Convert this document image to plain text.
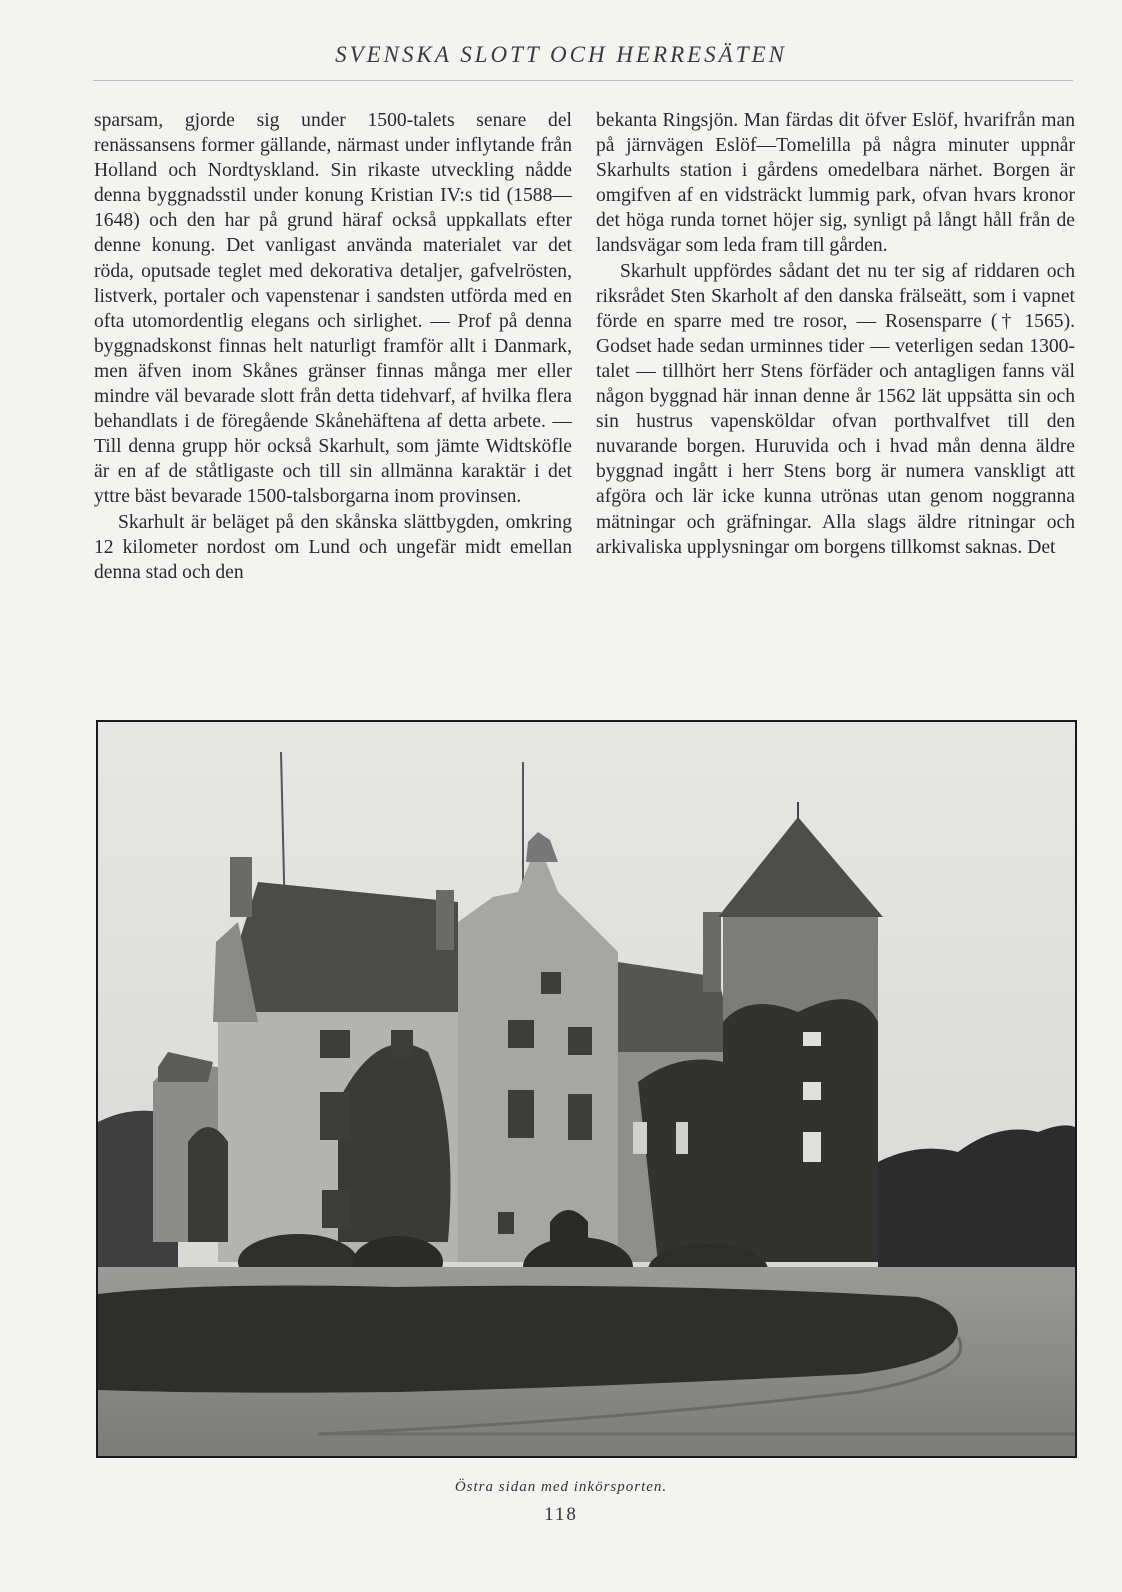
SVENSKA SLOTT OCH HERRESÄTEN

sparsam, gjorde sig under 1500-talets senare del renässansens former gällande, närmast under inflytande från Holland och Nordtyskland. Sin rikaste utveckling nådde denna byggnadsstil under konung Kristian IV:s tid (1588—1648) och den har på grund häraf också uppkallats efter denne konung. Det vanligast använda materialet var det röda, oputsade teglet med dekorativa detaljer, gafvelrösten, listverk, portaler och vapenstenar i sandsten utförda med en ofta utomordentlig elegans och sirlighet. — Prof på denna byggnadskonst finnas helt naturligt framför allt i Danmark, men äfven inom Skånes gränser finnas många mer eller mindre väl bevarade slott från detta tidehvarf, af hvilka flera behandlats i de föregående Skånehäftena af detta arbete. — Till denna grupp hör också Skarhult, som jämte Widtsköfle är en af de ståtligaste och till sin allmänna karaktär i det yttre bäst bevarade 1500-talsborgarna inom provinsen.

Skarhult är beläget på den skånska slättbygden, omkring 12 kilometer nordost om Lund och ungefär midt emellan denna stad och den

bekanta Ringsjön. Man färdas dit öfver Eslöf, hvarifrån man på järnvägen Eslöf—Tomelilla på några minuter uppnår Skarhults station i gårdens omedelbara närhet. Borgen är omgifven af en vidsträckt lummig park, ofvan hvars kronor det höga runda tornet höjer sig, synligt på långt håll från de landsvägar som leda fram till gården.

Skarhult uppfördes sådant det nu ter sig af riddaren och riksrådet Sten Skarholt af den danska frälseätt, som i vapnet förde en sparre med tre rosor, — Rosensparre († 1565). Godset hade sedan urminnes tider — veterligen sedan 1300-talet — tillhört herr Stens förfäder och antagligen fanns väl någon byggnad här innan denne år 1562 lät uppsätta sin och sin hustrus vapensköldar ofvan porthvalfvet till den nuvarande borgen. Huruvida och i hvad mån denna äldre byggnad ingått i herr Stens borg är numera vanskligt att afgöra och lär icke kunna utrönas utan genom noggranna mätningar och gräfningar. Alla slags äldre ritningar och arkivaliska upplysningar om borgens tillkomst saknas. Det

Östra sidan med inkörsporten.
118
